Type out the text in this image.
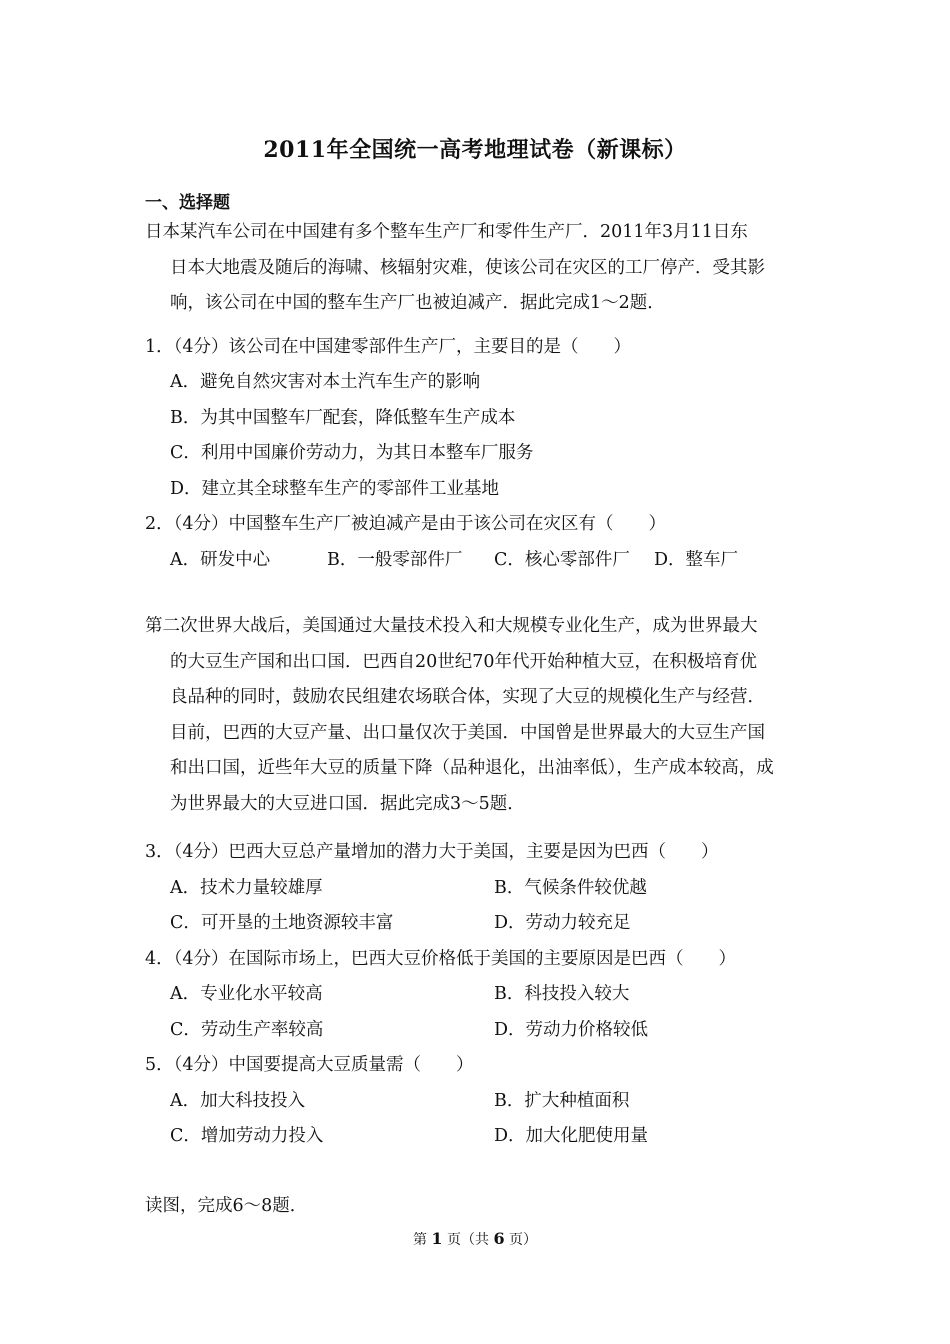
2011年全国统一高考地理试卷（新课标）
一、选择题
日本某汽车公司在中国建有多个整车生产厂和零件生产厂．2011年3月11日东
日本大地震及随后的海啸、核辐射灾难，使该公司在灾区的工厂停产．受其影
响，该公司在中国的整车生产厂也被迫减产．据此完成1～2题．
1．（4分）该公司在中国建零部件生产厂，主要目的是（　　）
A．避免自然灾害对本土汽车生产的影响
B．为其中国整车厂配套，降低整车生产成本
C．利用中国廉价劳动力，为其日本整车厂服务
D．建立其全球整车生产的零部件工业基地
2．（4分）中国整车生产厂被迫减产是由于该公司在灾区有（　　）
A．研发中心	B．一般零部件厂 C．核心零部件厂 D．整车厂
第二次世界大战后，美国通过大量技术投入和大规模专业化生产，成为世界最大
的大豆生产国和出口国．巴西自20世纪70年代开始种植大豆，在积极培育优
良品种的同时，鼓励农民组建农场联合体，实现了大豆的规模化生产与经营．
目前，巴西的大豆产量、出口量仅次于美国．中国曾是世界最大的大豆生产国
和出口国，近些年大豆的质量下降（品种退化，出油率低），生产成本较高，成
为世界最大的大豆进口国．据此完成3～5题．
3．（4分）巴西大豆总产量增加的潜力大于美国，主要是因为巴西（　　）
A．技术力量较雄厚	B．气候条件较优越
C．可开垦的土地资源较丰富	D．劳动力较充足
4．（4分）在国际市场上，巴西大豆价格低于美国的主要原因是巴西（　　）
A．专业化水平较高	B．科技投入较大
C．劳动生产率较高	D．劳动力价格较低
5．（4分）中国要提高大豆质量需（　　）
A．加大科技投入	B．扩大种植面积
C．增加劳动力投入	D．加大化肥使用量
读图，完成6～8题．
第 1 页（共 6 页）
